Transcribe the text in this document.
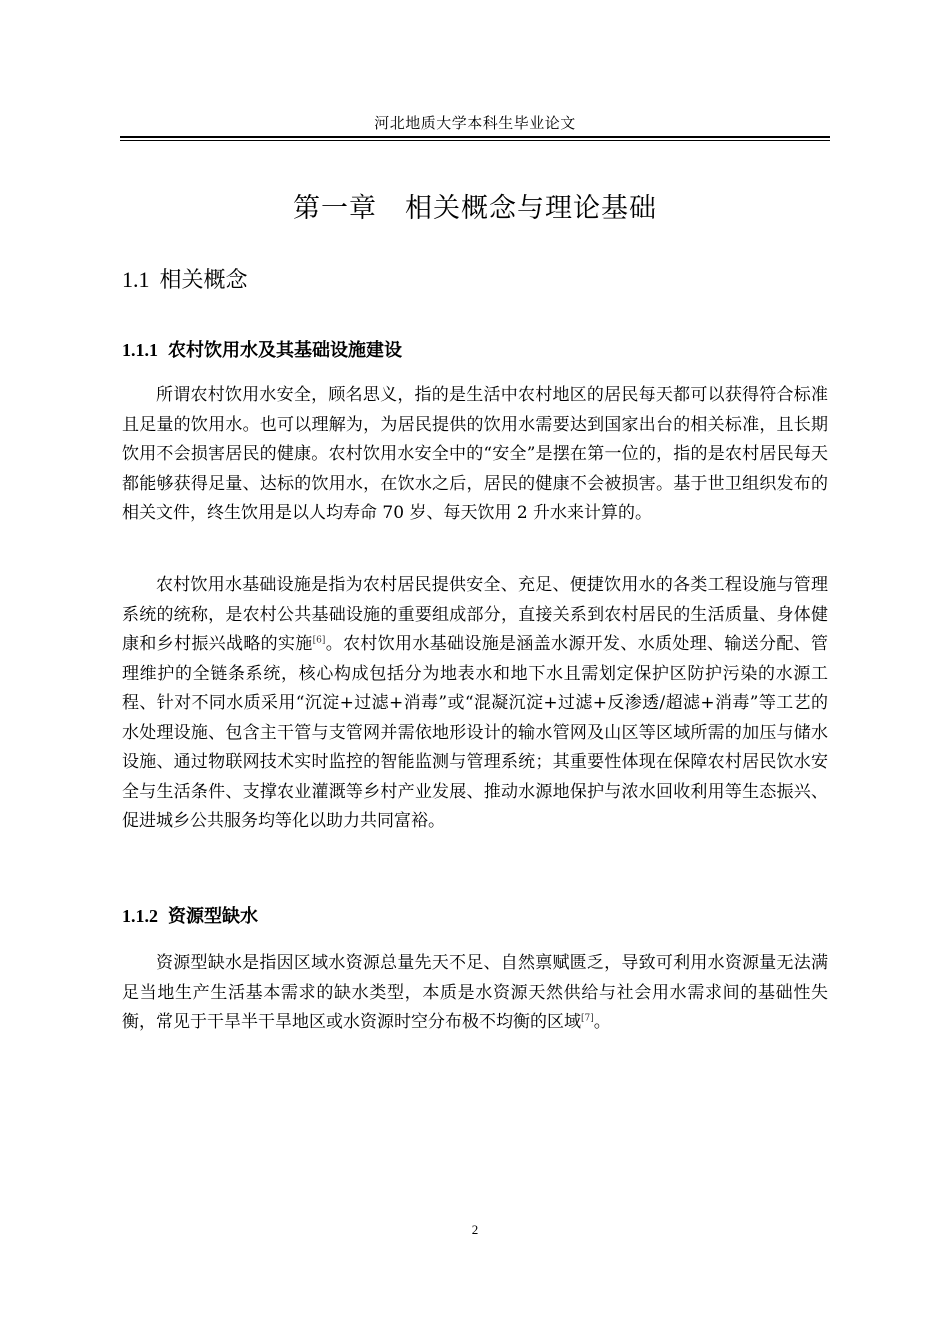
河北地质大学本科生毕业论文
第一章　相关概念与理论基础
1.1 相关概念
1.1.1 农村饮用水及其基础设施建设

所谓农村饮用水安全，顾名思义，指的是生活中农村地区的居民每天都可以获得符合标准且足量的饮用水。也可以理解为，为居民提供的饮用水需要达到国家出台的相关标准，且长期饮用不会损害居民的健康。农村饮用水安全中的“安全”是摆在第一位的，指的是农村居民每天都能够获得足量、达标的饮用水，在饮水之后，居民的健康不会被损害。基于世卫组织发布的相关文件，终生饮用是以人均寿命 70 岁、每天饮用 2 升水来计算的。

农村饮用水基础设施是指为农村居民提供安全、充足、便捷饮用水的各类工程设施与管理系统的统称，是农村公共基础设施的重要组成部分，直接关系到农村居民的生活质量、身体健康和乡村振兴战略的实施[6]。农村饮用水基础设施是涵盖水源开发、水质处理、输送分配、管理维护的全链条系统，核心构成包括分为地表水和地下水且需划定保护区防护污染的水源工程、针对不同水质采用“沉淀+过滤+消毒”或“混凝沉淀+过滤+反渗透/超滤+消毒”等工艺的水处理设施、包含主干管与支管网并需依地形设计的输水管网及山区等区域所需的加压与储水设施、通过物联网技术实时监控的智能监测与管理系统；其重要性体现在保障农村居民饮水安全与生活条件、支撑农业灌溉等乡村产业发展、推动水源地保护与浓水回收利用等生态振兴、促进城乡公共服务均等化以助力共同富裕。

1.1.2 资源型缺水

资源型缺水是指因区域水资源总量先天不足、自然禀赋匮乏，导致可利用水资源量无法满足当地生产生活基本需求的缺水类型，本质是水资源天然供给与社会用水需求间的基础性失衡，常见于干旱半干旱地区或水资源时空分布极不均衡的区域[7]。

2
